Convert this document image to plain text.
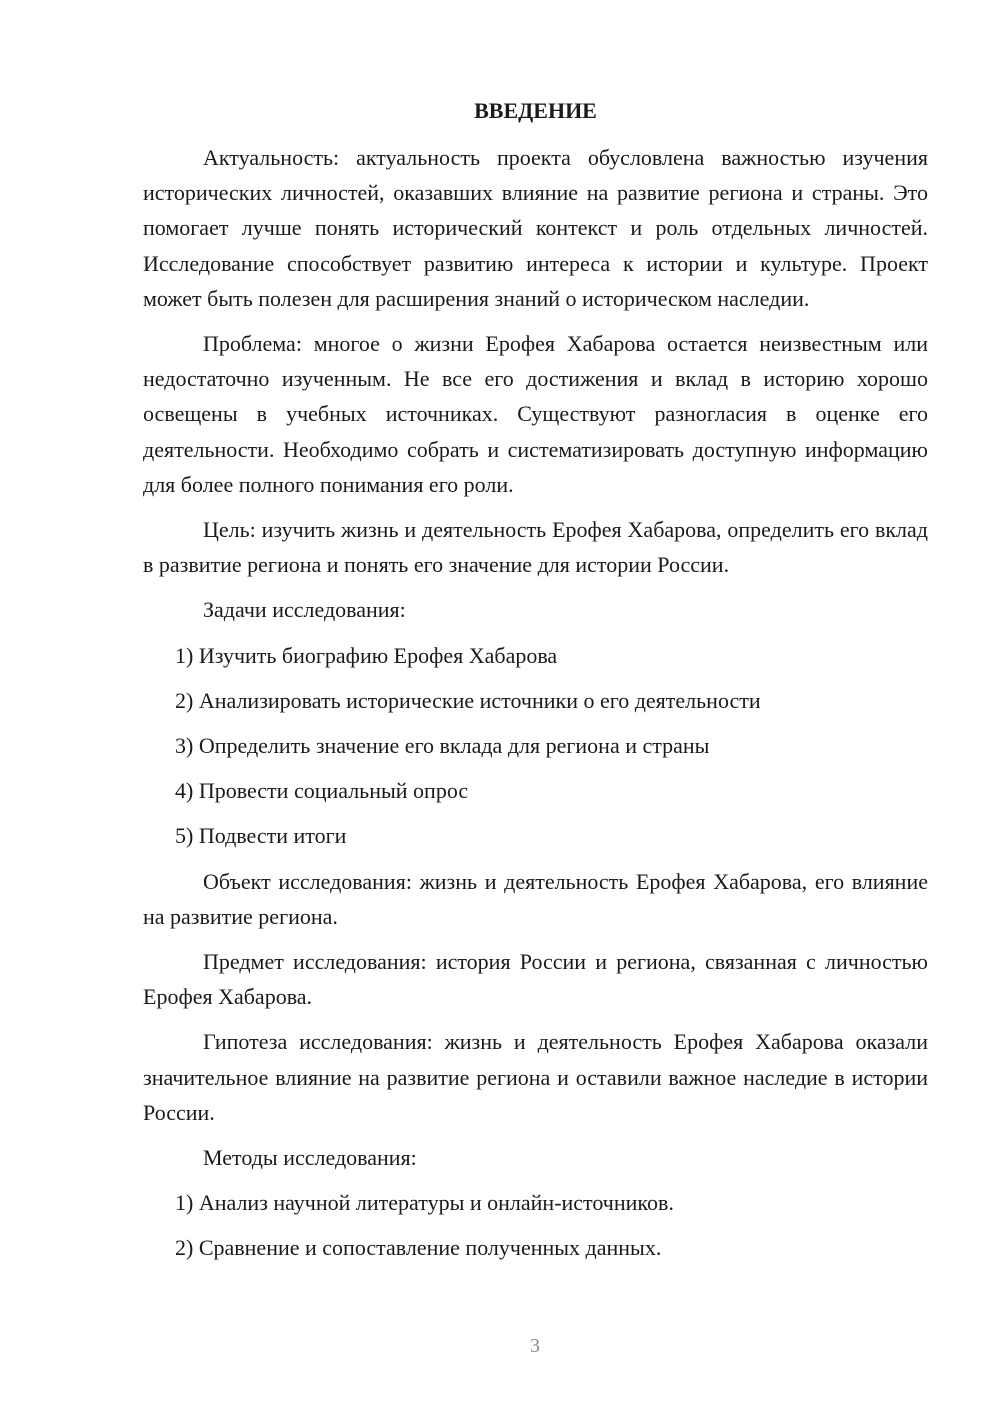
ВВЕДЕНИЕ

Актуальность: актуальность проекта обусловлена важностью изучения исторических личностей, оказавших влияние на развитие региона и страны. Это помогает лучше понять исторический контекст и роль отдельных личностей. Исследование способствует развитию интереса к истории и культуре. Проект может быть полезен для расширения знаний о историческом наследии.

Проблема: многое о жизни Ерофея Хабарова остается неизвестным или недостаточно изученным. Не все его достижения и вклад в историю хорошо освещены в учебных источниках. Существуют разногласия в оценке его деятельности. Необходимо собрать и систематизировать доступную информацию для более полного понимания его роли.

Цель: изучить жизнь и деятельность Ерофея Хабарова, определить его вклад в развитие региона и понять его значение для истории России.

Задачи исследования:

1) Изучить биографию Ерофея Хабарова

2) Анализировать исторические источники о его деятельности

3) Определить значение его вклада для региона и страны

4) Провести социальный опрос

5) Подвести итоги

Объект исследования: жизнь и деятельность Ерофея Хабарова, его влияние на развитие региона.

Предмет исследования: история России и региона, связанная с личностью Ерофея Хабарова.

Гипотеза исследования: жизнь и деятельность Ерофея Хабарова оказали значительное влияние на развитие региона и оставили важное наследие в истории России.

Методы исследования:

1) Анализ научной литературы и онлайн-источников.

2) Сравнение и сопоставление полученных данных.

3
